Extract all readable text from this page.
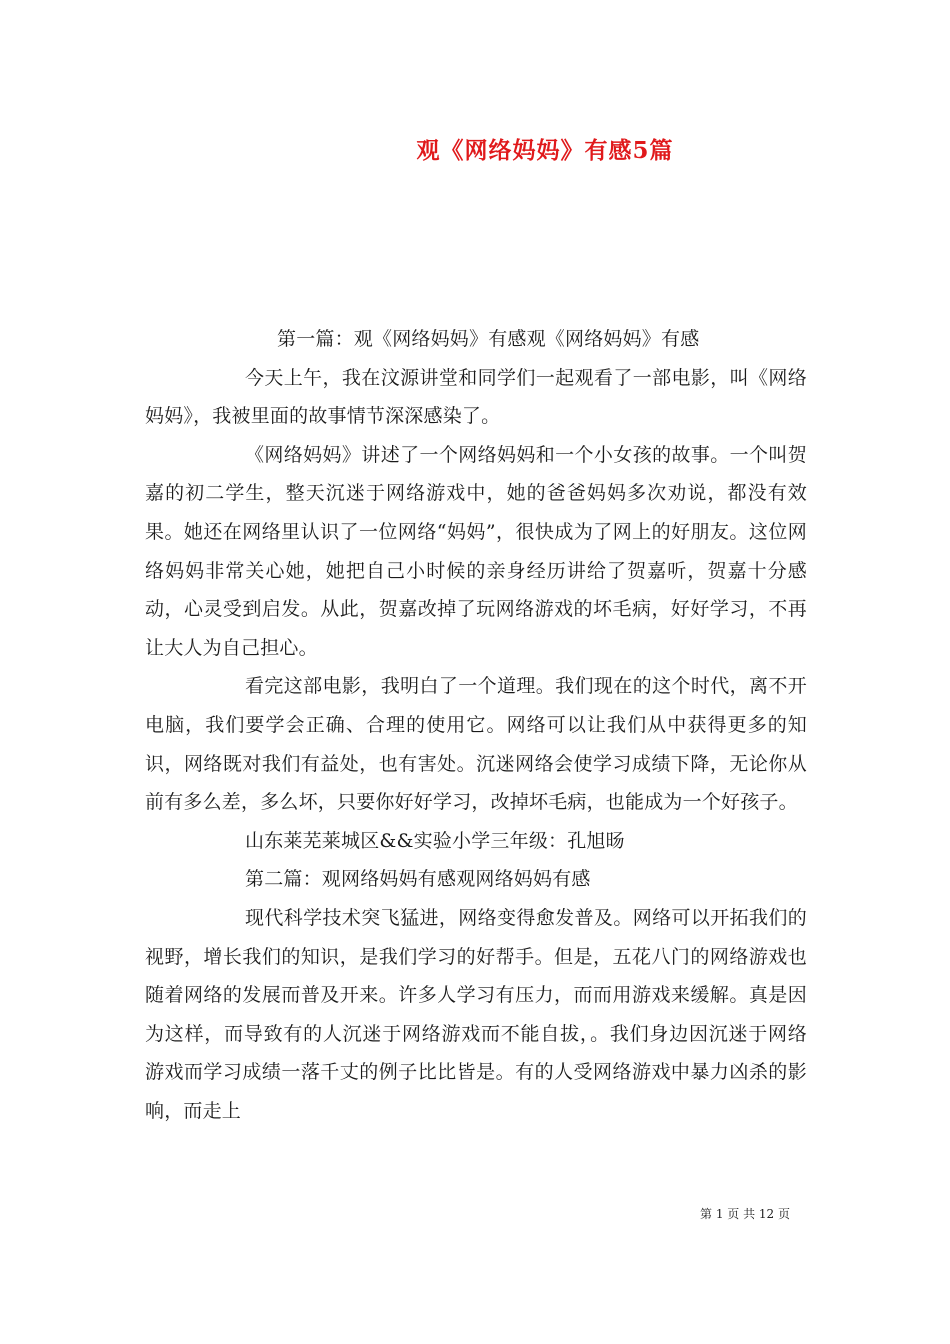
观《网络妈妈》有感5篇

第一篇：观《网络妈妈》有感观《网络妈妈》有感

今天上午，我在汶源讲堂和同学们一起观看了一部电影，叫《网络妈妈》，我被里面的故事情节深深感染了。

《网络妈妈》讲述了一个网络妈妈和一个小女孩的故事。一个叫贺嘉的初二学生，整天沉迷于网络游戏中，她的爸爸妈妈多次劝说，都没有效果。她还在网络里认识了一位网络“妈妈”，很快成为了网上的好朋友。这位网络妈妈非常关心她，她把自己小时候的亲身经历讲给了贺嘉听，贺嘉十分感动，心灵受到启发。从此，贺嘉改掉了玩网络游戏的坏毛病，好好学习，不再让大人为自己担心。

看完这部电影，我明白了一个道理。我们现在的这个时代，离不开电脑，我们要学会正确、合理的使用它。网络可以让我们从中获得更多的知识，网络既对我们有益处，也有害处。沉迷网络会使学习成绩下降，无论你从前有多么差，多么坏，只要你好好学习，改掉坏毛病，也能成为一个好孩子。

山东莱芜莱城区&&实验小学三年级：孔旭旸

第二篇：观网络妈妈有感观网络妈妈有感

现代科学技术突飞猛进，网络变得愈发普及。网络可以开拓我们的视野，增长我们的知识，是我们学习的好帮手。但是，五花八门的网络游戏也随着网络的发展而普及开来。许多人学习有压力，而而用游戏来缓解。真是因为这样，而导致有的人沉迷于网络游戏而不能自拔，。我们身边因沉迷于网络游戏而学习成绩一落千丈的例子比比皆是。有的人受网络游戏中暴力凶杀的影响，而走上

第 1 页 共 12 页
